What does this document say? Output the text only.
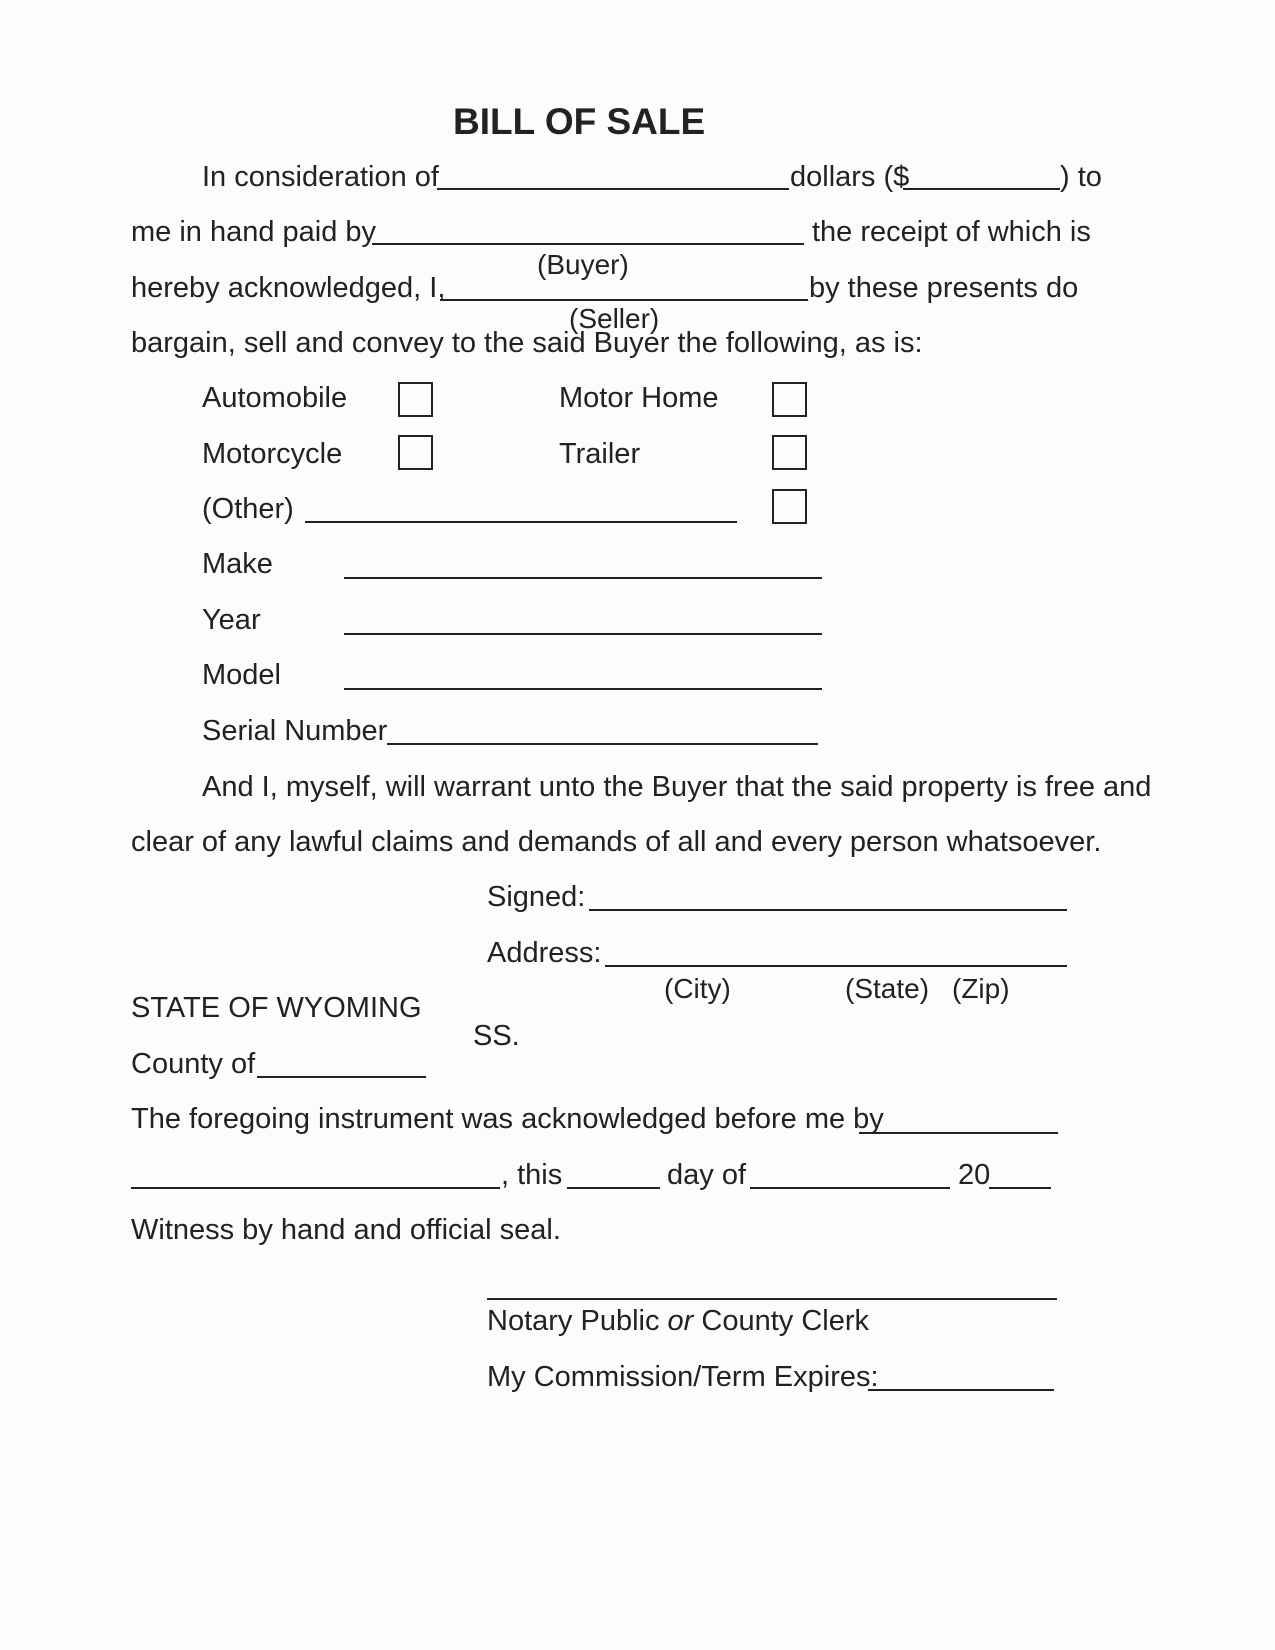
BILL OF SALE
In consideration of	dollars ($	) to
me in hand paid by	the receipt of which is
(Buyer)
hereby acknowledged, I,	by these presents do
(Seller)
bargain, sell and convey to the said Buyer the following, as is:
Automobile	Motor Home
Motorcycle	Trailer
(Other)
Make
Year
Model
Serial Number
And I, myself, will warrant unto the Buyer that the said property is free and
clear of any lawful claims and demands of all and every person whatsoever.
Signed:
Address:
(City)	(State) (Zip)
STATE OF WYOMING
SS.
County of
The foregoing instrument was acknowledged before me by
, this	day of	20
Witness by hand and official seal.
Notary Public or County Clerk
My Commission/Term Expires:
